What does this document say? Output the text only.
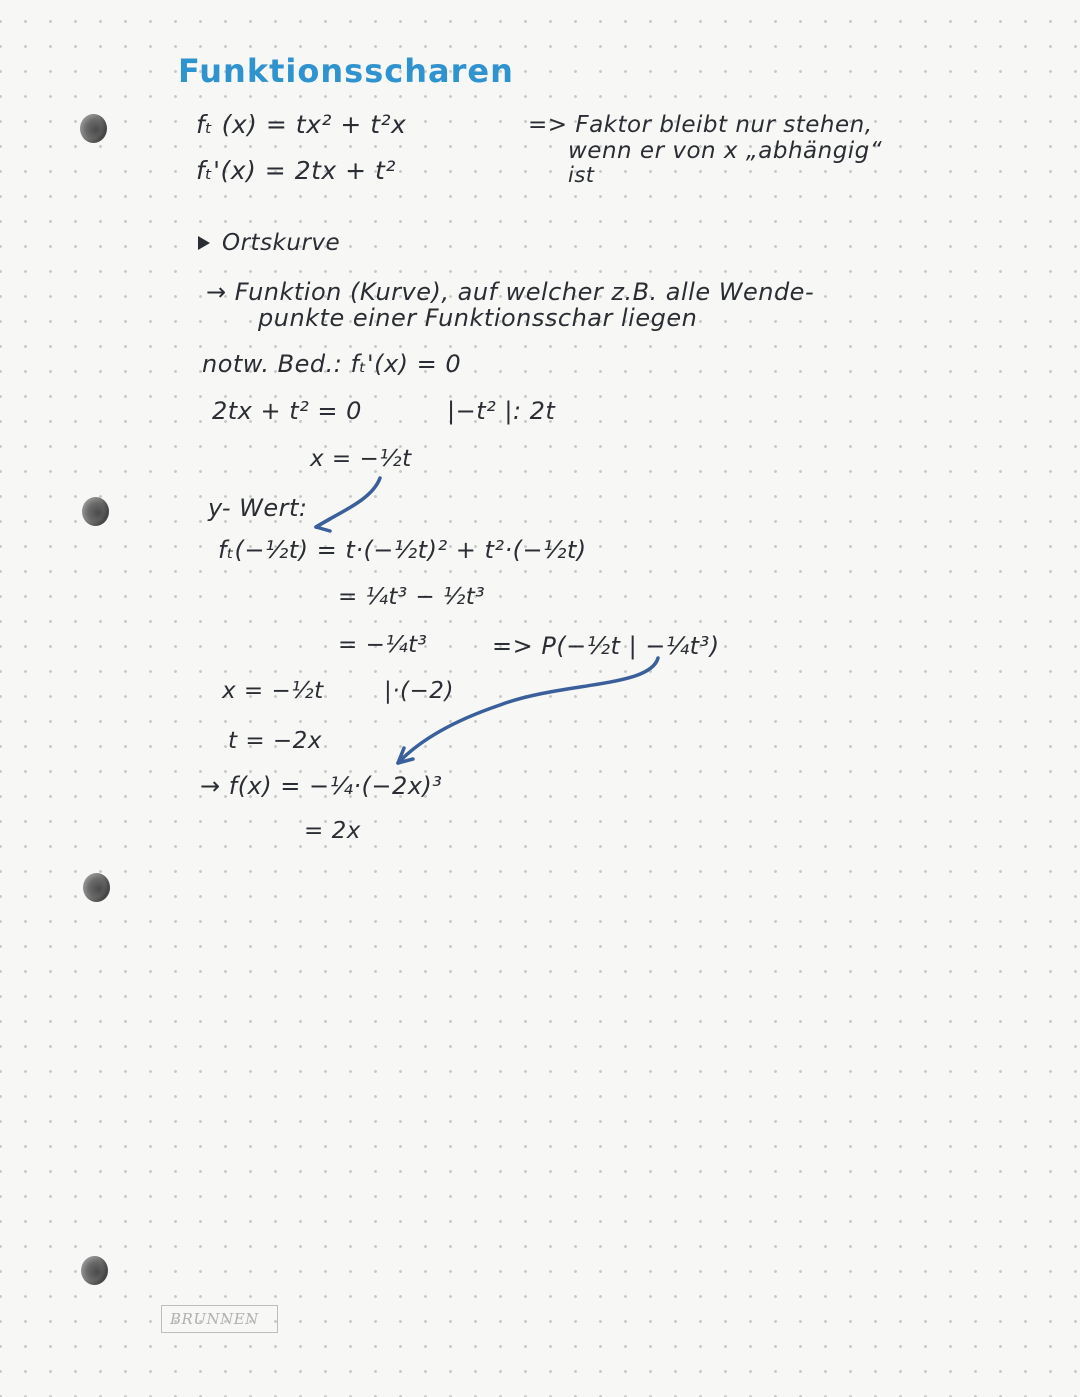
Funktionsscharen

fₜ (x) = tx² + t²x

fₜ'(x) = 2tx + t²

=> Faktor bleibt nur stehen,

wenn er von x „abhängig“

ist

Ortskurve

→ Funktion (Kurve), auf welcher z.B. alle Wende-

punkte einer Funktionsschar liegen

notw. Bed.: fₜ'(x) = 0

2tx + t² = 0	|−t² |: 2t

x = −½t

y- Wert:

fₜ(−½t) = t·(−½t)² + t²·(−½t)

= ¼t³ − ½t³

= −¼t³	=> P(−½t | −¼t³)

x = −½t	|·(−2)

t = −2x

→ f(x) = −¼·(−2x)³

= 2x

BRUNNEN
